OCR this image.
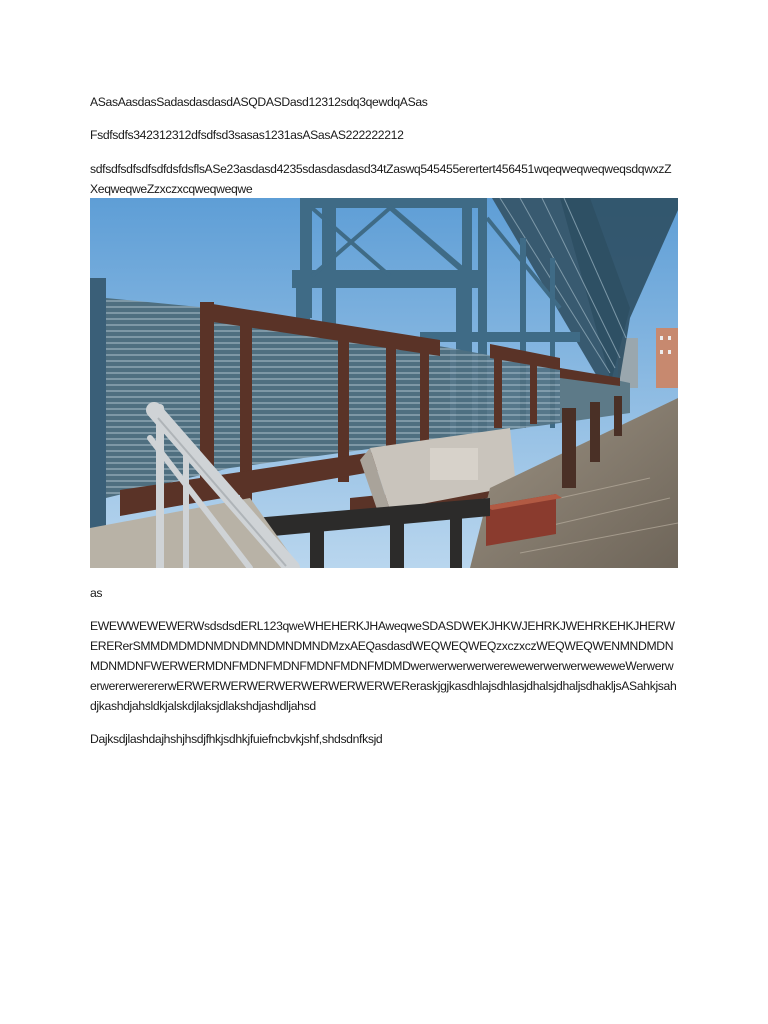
ASasAasdasSadasdasdasdASQDASDasd12312sdq3qewdqASas

Fsdfsdfs342312312dfsdfsd3sasas1231asASasAS222222212

sdfsdfsdfsdfsdfdsfdsflsASe23asdasd4235sdasdasdasd34tZaswq545455erertert456451wqeqweqweqweqsdqwxzZXeqweqweZzxczxcqweqweqwe

as

EWEWWEWEWERWsdsdsdERL123qweWHEHERKJHAweqweSDASDWEKJHKWJEHRKJWEHRKEHKJHERWERERerSMMDMDMDNMDNDMNDMNDMNDMzxAEQasdasdWEQWEQWEQzxczxczWEQWEQWENMNDMDNMDNMDNFWERWERMDNFMDNFMDNFMDNFMDNFMDMDwerwerwerwerwerewewerwerwerweweweWerwerwerwererwerererwERWERWERWERWERWERWERWERWEReraskjgjkasdhlajsdhlasjdhalsjdhaljsdhakljsASahkjsahdjkashdjahsldkjalskdjlaksjdlakshdjashdljahsd

Dajksdjlashdajhshjhsdjfhkjsdhkjfuiefncbvkjshf,shdsdnfksjd
